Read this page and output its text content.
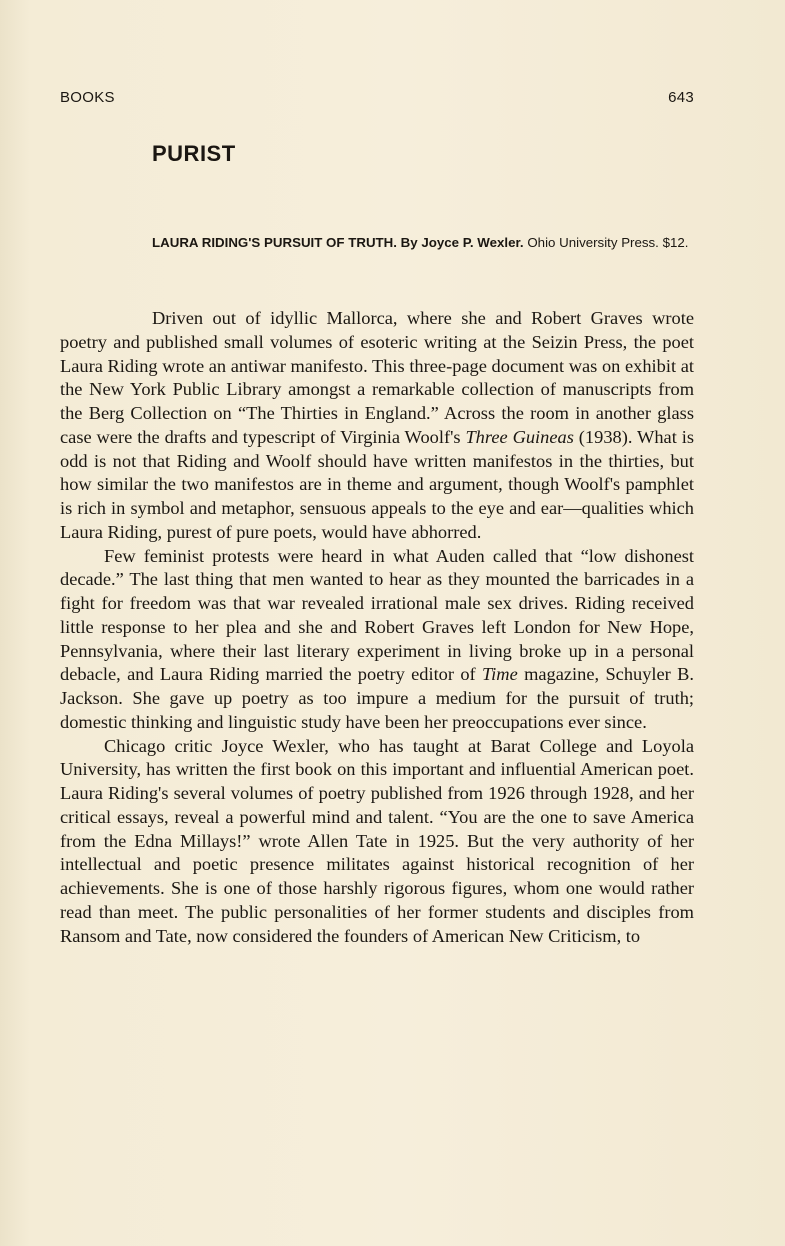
BOOKS	643
PURIST
LAURA RIDING'S PURSUIT OF TRUTH. By Joyce P. Wexler. Ohio University Press. $12.

Driven out of idyllic Mallorca, where she and Robert Graves wrote poetry and published small volumes of esoteric writing at the Seizin Press, the poet Laura Riding wrote an antiwar manifesto. This three-page document was on exhibit at the New York Public Library amongst a remarkable collection of manuscripts from the Berg Collection on “The Thirties in England.” Across the room in another glass case were the drafts and typescript of Virginia Woolf's Three Guineas (1938). What is odd is not that Riding and Woolf should have written manifestos in the thirties, but how similar the two manifestos are in theme and argument, though Woolf's pamphlet is rich in symbol and metaphor, sensuous appeals to the eye and ear—qualities which Laura Riding, purest of pure poets, would have abhorred.

Few feminist protests were heard in what Auden called that “low dishonest decade.” The last thing that men wanted to hear as they mounted the barricades in a fight for freedom was that war revealed irrational male sex drives. Riding received little response to her plea and she and Robert Graves left London for New Hope, Pennsylvania, where their last literary experiment in living broke up in a personal debacle, and Laura Riding married the poetry editor of Time magazine, Schuyler B. Jackson. She gave up poetry as too impure a medium for the pursuit of truth; domestic thinking and linguistic study have been her preoccupations ever since.

Chicago critic Joyce Wexler, who has taught at Barat College and Loyola University, has written the first book on this important and influential American poet. Laura Riding's several volumes of poetry published from 1926 through 1928, and her critical essays, reveal a powerful mind and talent. “You are the one to save America from the Edna Millays!” wrote Allen Tate in 1925. But the very authority of her intellectual and poetic presence militates against historical recognition of her achievements. She is one of those harshly rigorous figures, whom one would rather read than meet. The public personalities of her former students and disciples from Ransom and Tate, now considered the founders of American New Criticism, to
